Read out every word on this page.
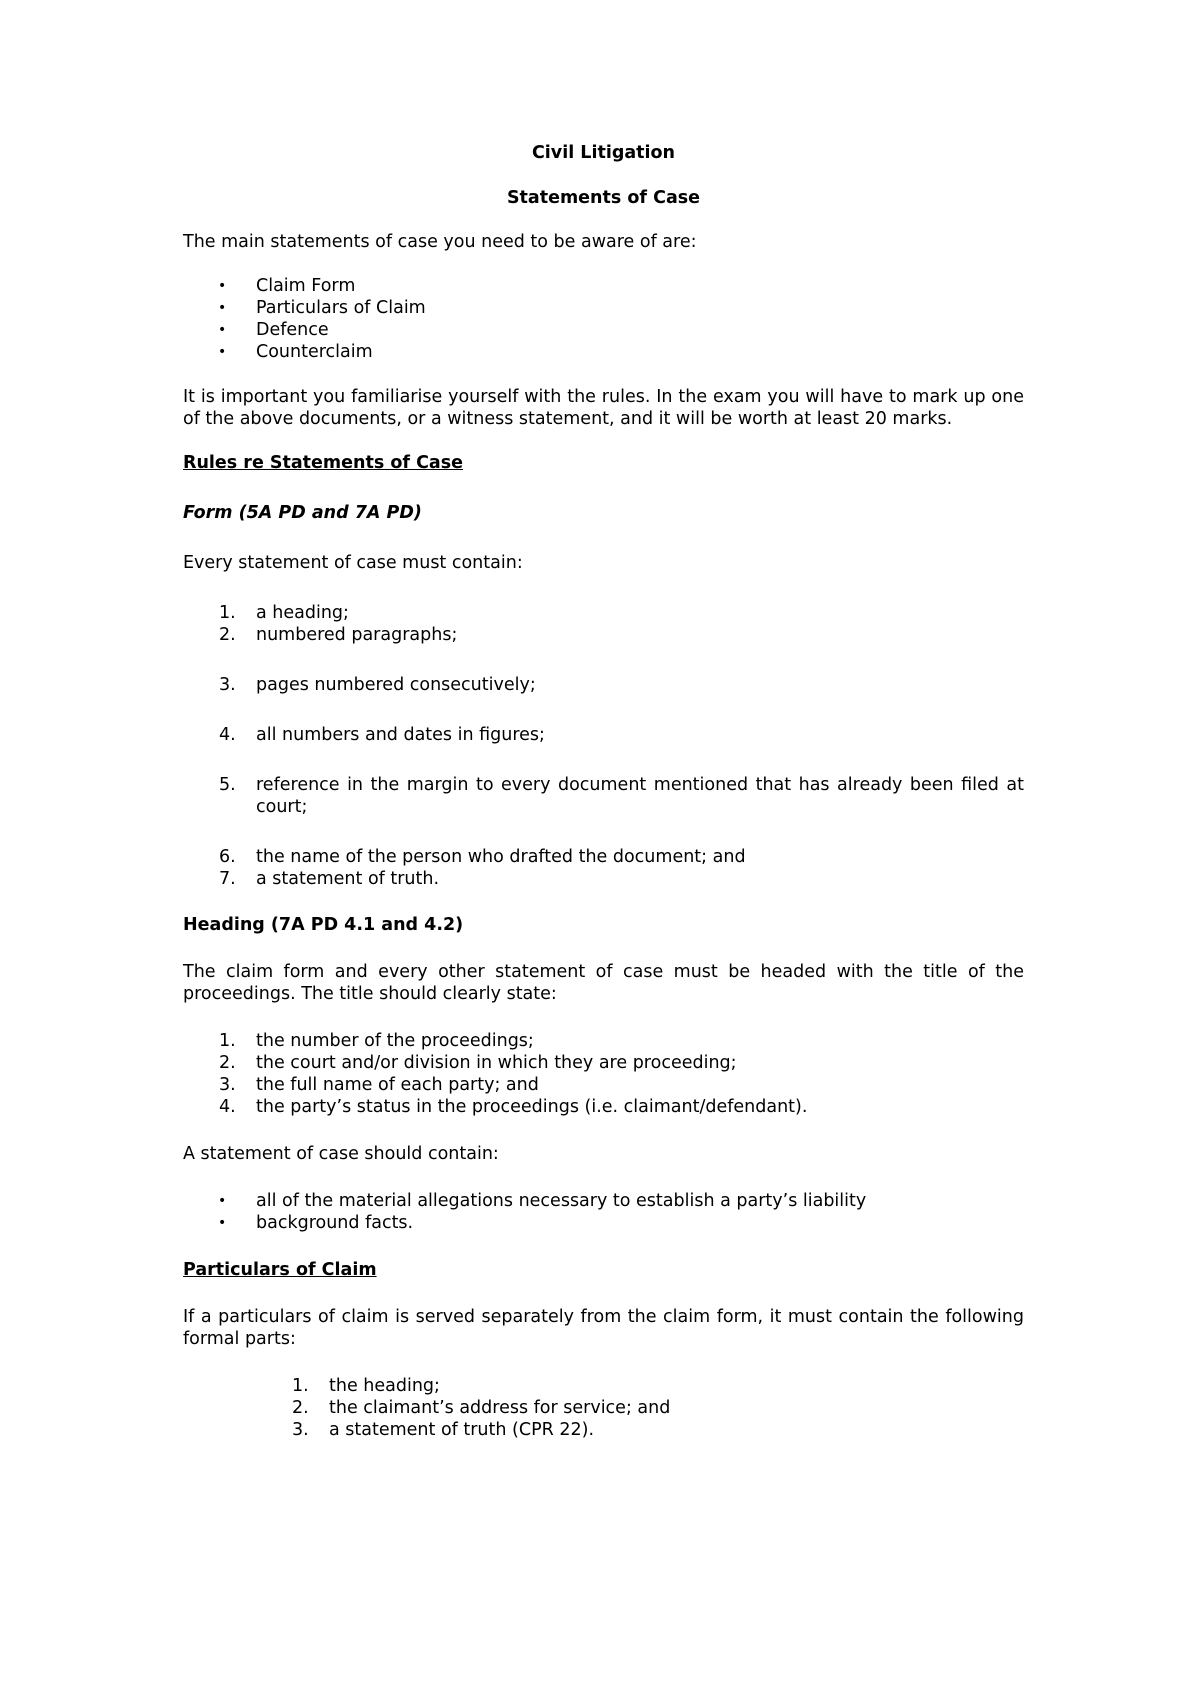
Civil Litigation

Statements of Case

The main statements of case you need to be aware of are:

• Claim Form
• Particulars of Claim
• Defence
• Counterclaim

It is important you familiarise yourself with the rules. In the exam you will have to mark up one of the above documents, or a witness statement, and it will be worth at least 20 marks.

Rules re Statements of Case

Form (5A PD and 7A PD)

Every statement of case must contain:

1. a heading;
2. numbered paragraphs;
3. pages numbered consecutively;
4. all numbers and dates in figures;
5. reference in the margin to every document mentioned that has already been filed at court;
6. the name of the person who drafted the document; and
7. a statement of truth.

Heading (7A PD 4.1 and 4.2)

The claim form and every other statement of case must be headed with the title of the proceedings. The title should clearly state:

1. the number of the proceedings;
2. the court and/or division in which they are proceeding;
3. the full name of each party; and
4. the party’s status in the proceedings (i.e. claimant/defendant).

A statement of case should contain:

• all of the material allegations necessary to establish a party’s liability
• background facts.

Particulars of Claim

If a particulars of claim is served separately from the claim form, it must contain the following formal parts:

1. the heading;
2. the claimant’s address for service; and
3. a statement of truth (CPR 22).
